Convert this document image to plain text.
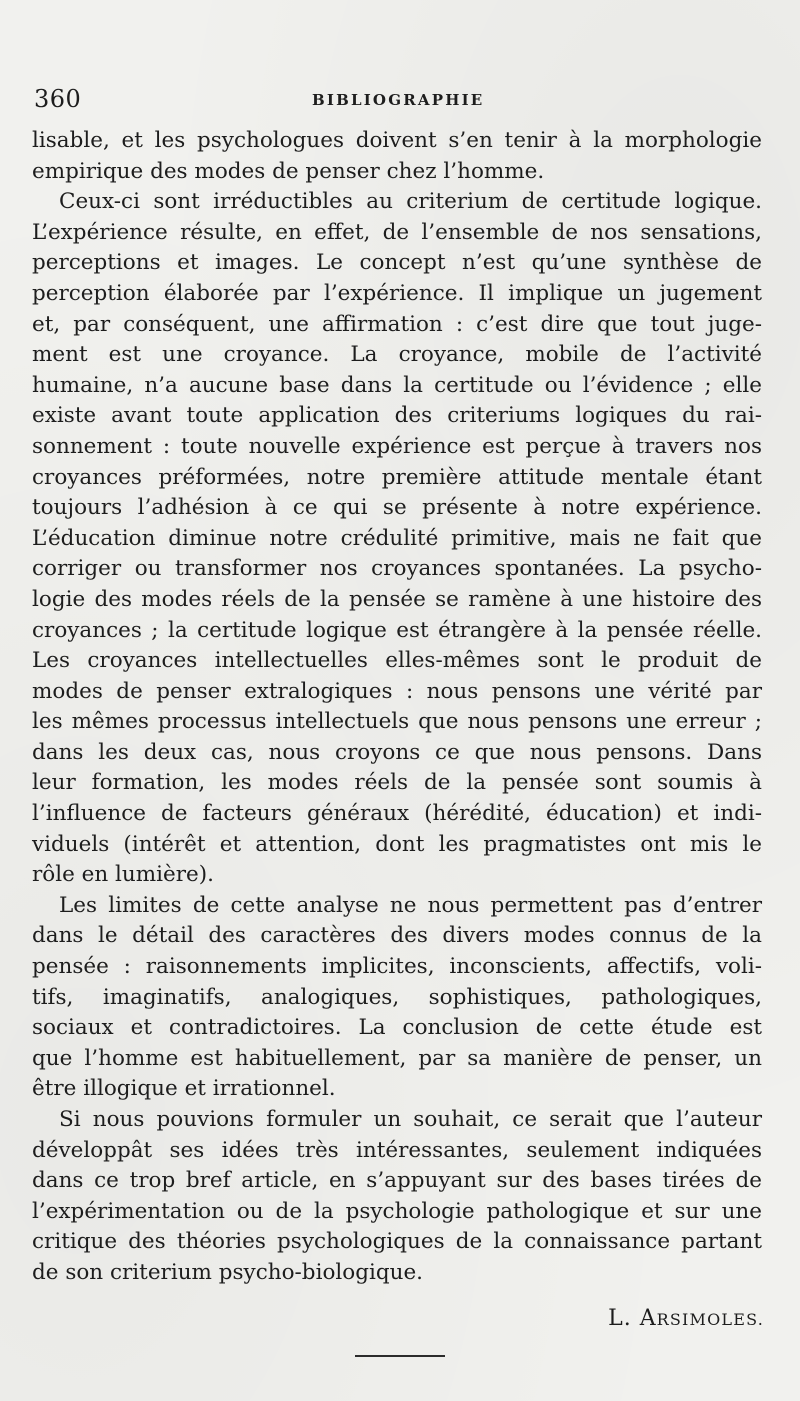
360	BIBLIOGRAPHIE
lisable, et les psychologues doivent s’en tenir à la morphologie
empirique des modes de penser chez l’homme.
Ceux-ci sont irréductibles au criterium de certitude logique.
L’expérience résulte, en effet, de l’ensemble de nos sensations,
perceptions et images. Le concept n’est qu’une synthèse de
perception élaborée par l’expérience. Il implique un jugement
et, par conséquent, une affirmation : c’est dire que tout juge-
ment est une croyance. La croyance, mobile de l’activité
humaine, n’a aucune base dans la certitude ou l’évidence ; elle
existe avant toute application des criteriums logiques du rai-
sonnement : toute nouvelle expérience est perçue à travers nos
croyances préformées, notre première attitude mentale étant
toujours l’adhésion à ce qui se présente à notre expérience.
L’éducation diminue notre crédulité primitive, mais ne fait que
corriger ou transformer nos croyances spontanées. La psycho-
logie des modes réels de la pensée se ramène à une histoire des
croyances ; la certitude logique est étrangère à la pensée réelle.
Les croyances intellectuelles elles-mêmes sont le produit de
modes de penser extralogiques : nous pensons une vérité par
les mêmes processus intellectuels que nous pensons une erreur ;
dans les deux cas, nous croyons ce que nous pensons. Dans
leur formation, les modes réels de la pensée sont soumis à
l’influence de facteurs généraux (hérédité, éducation) et indi-
viduels (intérêt et attention, dont les pragmatistes ont mis le
rôle en lumière).
Les limites de cette analyse ne nous permettent pas d’entrer
dans le détail des caractères des divers modes connus de la
pensée : raisonnements implicites, inconscients, affectifs, voli-
tifs, imaginatifs, analogiques, sophistiques, pathologiques,
sociaux et contradictoires. La conclusion de cette étude est
que l’homme est habituellement, par sa manière de penser, un
être illogique et irrationnel.
Si nous pouvions formuler un souhait, ce serait que l’auteur
développât ses idées très intéressantes, seulement indiquées
dans ce trop bref article, en s’appuyant sur des bases tirées de
l’expérimentation ou de la psychologie pathologique et sur une
critique des théories psychologiques de la connaissance partant
de son criterium psycho-biologique.
L. ARSIMOLES.
